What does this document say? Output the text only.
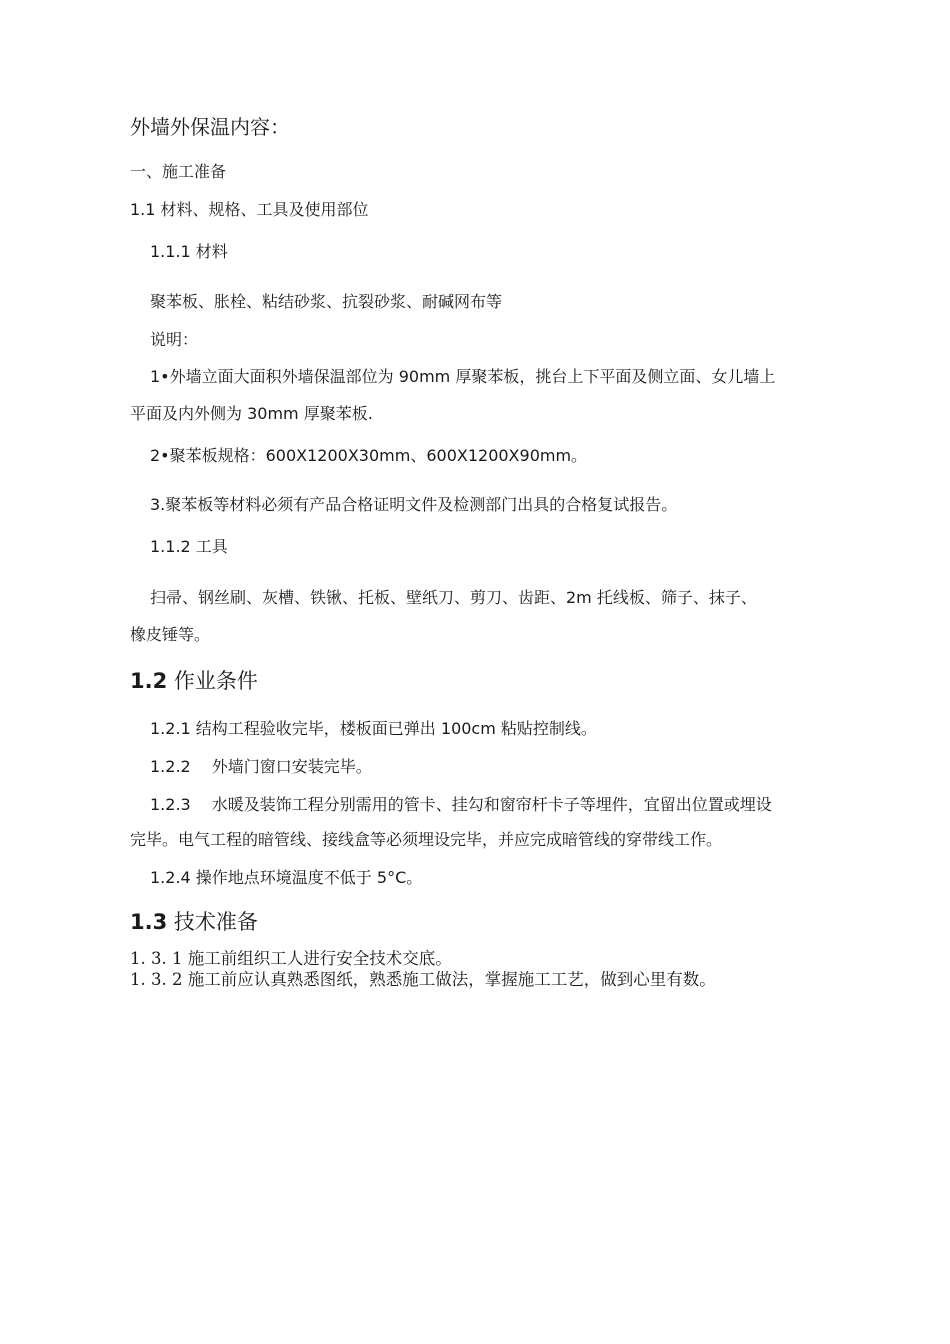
外墙外保温内容：

一、施工准备

1.1 材料、规格、工具及使用部位

1.1.1 材料

聚苯板、胀栓、粘结砂浆、抗裂砂浆、耐碱网布等

说明：

1•外墙立面大面积外墙保温部位为 90mm 厚聚苯板，挑台上下平面及侧立面、女儿墙上

平面及内外侧为 30mm 厚聚苯板.

2•聚苯板规格：600X1200X30mm、600X1200X90mm。

3.聚苯板等材料必须有产品合格证明文件及检测部门出具的合格复试报告。

1.1.2 工具

扫帚、钢丝刷、灰槽、铁锹、托板、壁纸刀、剪刀、齿距、2m 托线板、筛子、抹子、

橡皮锤等。

1.2 作业条件

1.2.1 结构工程验收完毕，楼板面已弹出 100cm 粘贴控制线。

1.2.2　 外墙门窗口安装完毕。

1.2.3　 水暖及装饰工程分别需用的管卡、挂勾和窗帘杆卡子等埋件，宜留出位置或埋设

完毕。电气工程的暗管线、接线盒等必须埋设完毕，并应完成暗管线的穿带线工作。

1.2.4 操作地点环境温度不低于 5°C。

1.3 技术准备

1. 3. 1 施工前组织工人进行安全技术交底。

1. 3. 2 施工前应认真熟悉图纸，熟悉施工做法，掌握施工工艺，做到心里有数。
